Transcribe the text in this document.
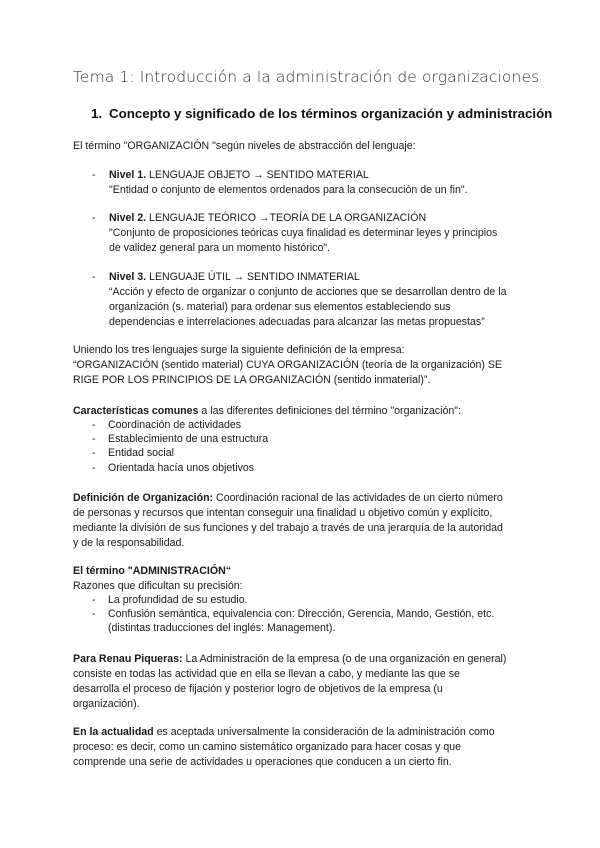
Tema 1: Introducción a la administración de organizaciones
1. Concepto y significado de los términos organización y administración
El término "ORGANIZACIÓN "según niveles de abstracción del lenguaje:
- Nivel 1. LENGUAJE OBJETO → SENTIDO MATERIAL
"Entidad o conjunto de elementos ordenados para la consecución de un fin".
- Nivel 2. LENGUAJE TEÓRICO →TEORÍA DE LA ORGANIZACIÓN
"Conjunto de proposiciones teóricas cuya finalidad es determinar leyes y principios
de validez general para un momento histórico".
- Nivel 3. LENGUAJE ÚTIL → SENTIDO INMATERIAL
“Acción y efecto de organizar o conjunto de acciones que se desarrollan dentro de la
organización (s. material) para ordenar sus elementos estableciendo sus
dependencias e interrelaciones adecuadas para alcanzar las metas propuestas”
Uniendo los tres lenguajes surge la siguiente definición de la empresa:
“ORGANIZACIÓN (sentido material) CUYA ORGANIZACIÓN (teoría de la organización) SE
RIGE POR LOS PRINCIPIOS DE LA ORGANIZACIÓN (sentido inmaterial)”.
Características comunes a las diferentes definiciones del término "organización":
- Coordinación de actividades
- Establecimiento de una estructura
- Entidad social
- Orientada hacía unos objetivos
Definición de Organización: Coordinación racional de las actividades de un cierto número
de personas y recursos que intentan conseguir una finalidad u objetivo común y explícito,
mediante la división de sus funciones y del trabajo a través de una jerarquía de la autoridad
y de la responsabilidad.
El término "ADMINISTRACIÓN“
Razones que dificultan su precisión:
- La profundidad de su estudio.
- Confusión semántica, equivalencia con: Dirección, Gerencia, Mando, Gestión, etc.
(distintas traducciones del inglés: Management).
Para Renau Piqueras: La Administración de la empresa (o de una organización en general)
consiste en todas las actividad que en ella se llevan a cabo, y mediante las que se
desarrolla el proceso de fijación y posterior logro de objetivos de la empresa (u
organización).
En la actualidad es aceptada universalmente la consideración de la administración como
proceso: es decir, como un camino sistemático organizado para hacer cosas y que
comprende una serie de actividades u operaciones que conducen a un cierto fin.
